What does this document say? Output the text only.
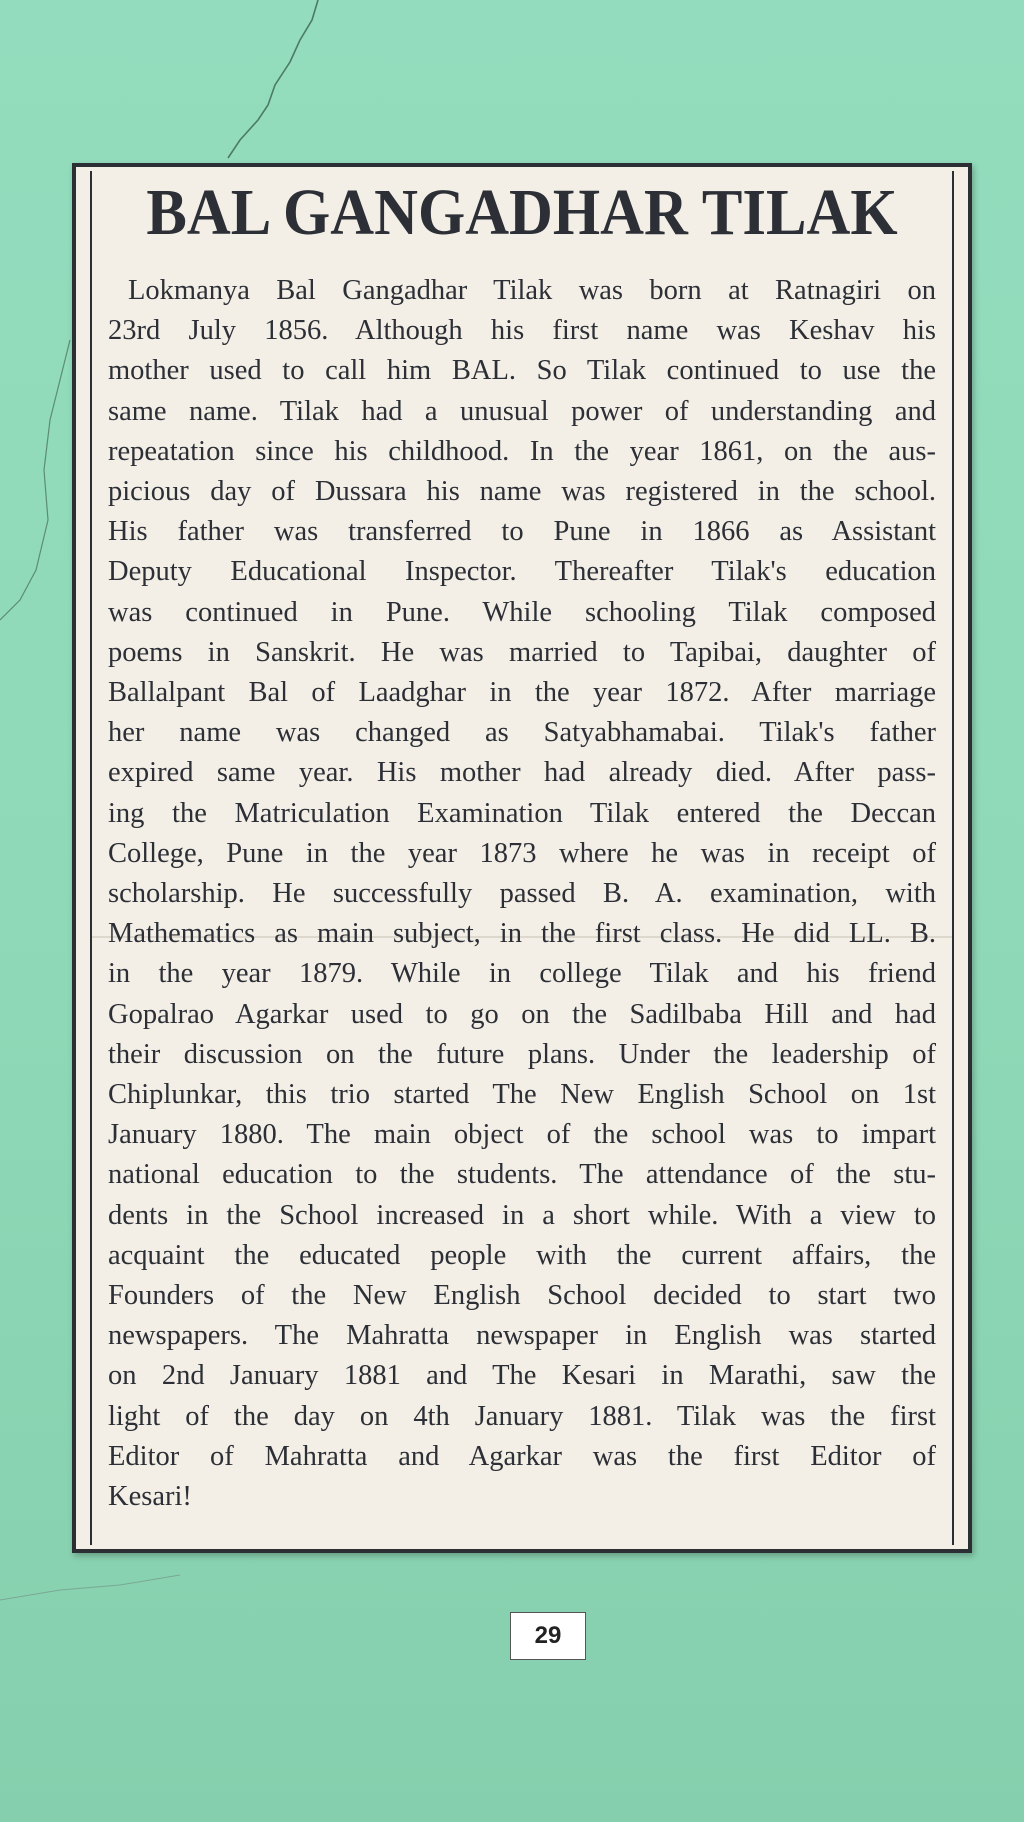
BAL GANGADHAR TILAK
Lokmanya Bal Gangadhar Tilak was born at Ratnagiri on
23rd July 1856. Although his first name was Keshav his
mother used to call him BAL. So Tilak continued to use the
same name. Tilak had a unusual power of understanding and
repeatation since his childhood. In the year 1861, on the aus-
picious day of Dussara his name was registered in the school.
His father was transferred to Pune in 1866 as Assistant
Deputy Educational Inspector. Thereafter Tilak's education
was continued in Pune. While schooling Tilak composed
poems in Sanskrit. He was married to Tapibai, daughter of
Ballalpant Bal of Laadghar in the year 1872. After marriage
her name was changed as Satyabhamabai. Tilak's father
expired same year. His mother had already died. After pass-
ing the Matriculation Examination Tilak entered the Deccan
College, Pune in the year 1873 where he was in receipt of
scholarship. He successfully passed B. A. examination, with
Mathematics as main subject, in the first class. He did LL. B.
in the year 1879. While in college Tilak and his friend
Gopalrao Agarkar used to go on the Sadilbaba Hill and had
their discussion on the future plans. Under the leadership of
Chiplunkar, this trio started The New English School on 1st
January 1880. The main object of the school was to impart
national education to the students. The attendance of the stu-
dents in the School increased in a short while. With a view to
acquaint the educated people with the current affairs, the
Founders of the New English School decided to start two
newspapers. The Mahratta newspaper in English was started
on 2nd January 1881 and The Kesari in Marathi, saw the
light of the day on 4th January 1881. Tilak was the first
Editor of Mahratta and Agarkar was the first Editor of
Kesari!
29
